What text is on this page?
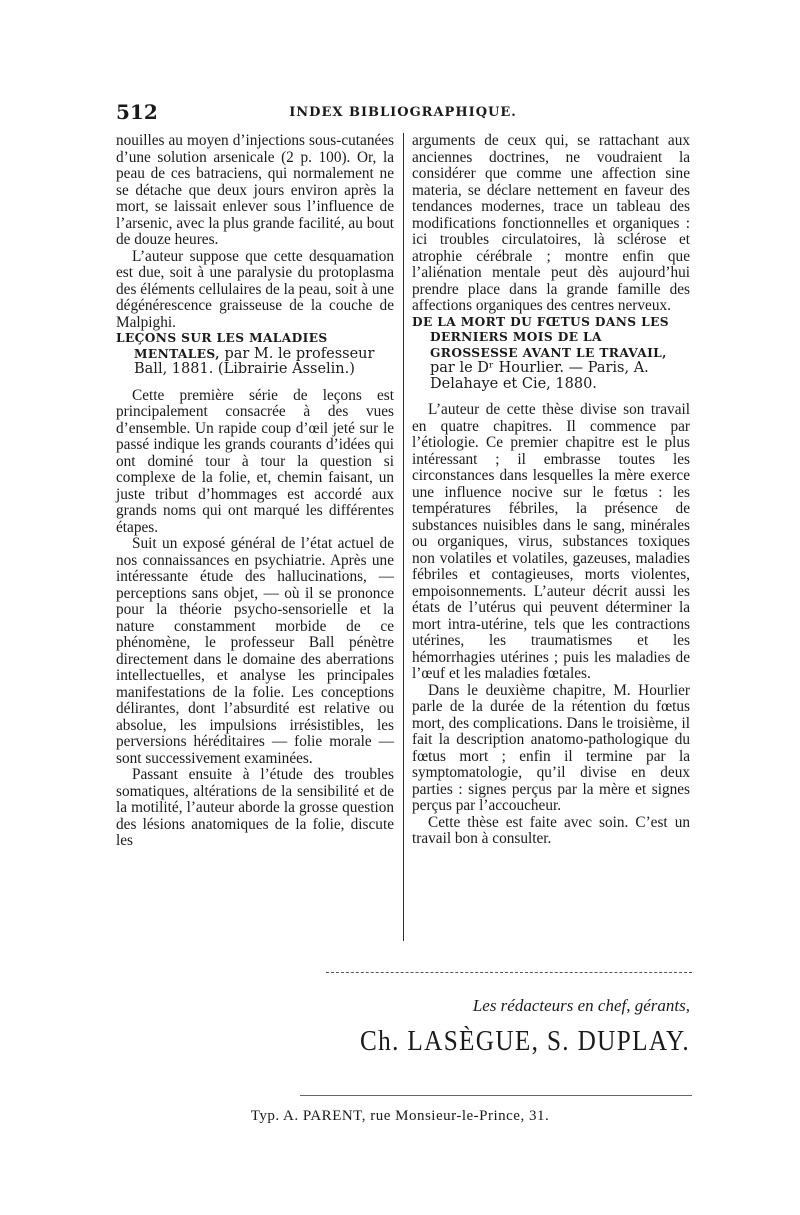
512	INDEX BIBLIOGRAPHIQUE.

nouilles au moyen d’injections sous-cutanées d’une solution arsenicale (2 p. 100). Or, la peau de ces batraciens, qui normalement ne se détache que deux jours environ après la mort, se laissait enlever sous l’influence de l’arsenic, avec la plus grande facilité, au bout de douze heures.

L’auteur suppose que cette desquamation est due, soit à une paralysie du protoplasma des éléments cellulaires de la peau, soit à une dégénérescence graisseuse de la couche de Malpighi.

LEÇONS SUR LES MALADIES MENTALES, par M. le professeur Ball, 1881. (Librairie Asselin.)

Cette première série de leçons est principalement consacrée à des vues d’ensemble. Un rapide coup d’œil jeté sur le passé indique les grands courants d’idées qui ont dominé tour à tour la question si complexe de la folie, et, chemin faisant, un juste tribut d’hommages est accordé aux grands noms qui ont marqué les différentes étapes.

Suit un exposé général de l’état actuel de nos connaissances en psychiatrie. Après une intéressante étude des hallucinations, — perceptions sans objet, — où il se prononce pour la théorie psycho-sensorielle et la nature constamment morbide de ce phénomène, le professeur Ball pénètre directement dans le domaine des aberrations intellectuelles, et analyse les principales manifestations de la folie. Les conceptions délirantes, dont l’absurdité est relative ou absolue, les impulsions irrésistibles, les perversions héréditaires — folie morale — sont successivement examinées.

Passant ensuite à l’étude des troubles somatiques, altérations de la sensibilité et de la motilité, l’auteur aborde la grosse question des lésions anatomiques de la folie, discute les

arguments de ceux qui, se rattachant aux anciennes doctrines, ne voudraient la considérer que comme une affection sine materia, se déclare nettement en faveur des tendances modernes, trace un tableau des modifications fonctionnelles et organiques : ici troubles circulatoires, là sclérose et atrophie cérébrale ; montre enfin que l’aliénation mentale peut dès aujourd’hui prendre place dans la grande famille des affections organiques des centres nerveux.

DE LA MORT DU FŒTUS DANS LES DERNIERS MOIS DE LA GROSSESSE AVANT LE TRAVAIL, par le Dʳ Hourlier. — Paris, A. Delahaye et Cie, 1880.

L’auteur de cette thèse divise son travail en quatre chapitres. Il commence par l’étiologie. Ce premier chapitre est le plus intéressant ; il embrasse toutes les circonstances dans lesquelles la mère exerce une influence nocive sur le fœtus : les températures fébriles, la présence de substances nuisibles dans le sang, minérales ou organiques, virus, substances toxiques non volatiles et volatiles, gazeuses, maladies fébriles et contagieuses, morts violentes, empoisonnements. L’auteur décrit aussi les états de l’utérus qui peuvent déterminer la mort intra-utérine, tels que les contractions utérines, les traumatismes et les hémorrhagies utérines ; puis les maladies de l’œuf et les maladies fœtales.

Dans le deuxième chapitre, M. Hourlier parle de la durée de la rétention du fœtus mort, des complications. Dans le troisième, il fait la description anatomo-pathologique du fœtus mort ; enfin il termine par la symptomatologie, qu’il divise en deux parties : signes perçus par la mère et signes perçus par l’accoucheur.

Cette thèse est faite avec soin. C’est un travail bon à consulter.

Les rédacteurs en chef, gérants,
Ch. LASÈGUE, S. DUPLAY.
Typ. A. PARENT, rue Monsieur-le-Prince, 31.
